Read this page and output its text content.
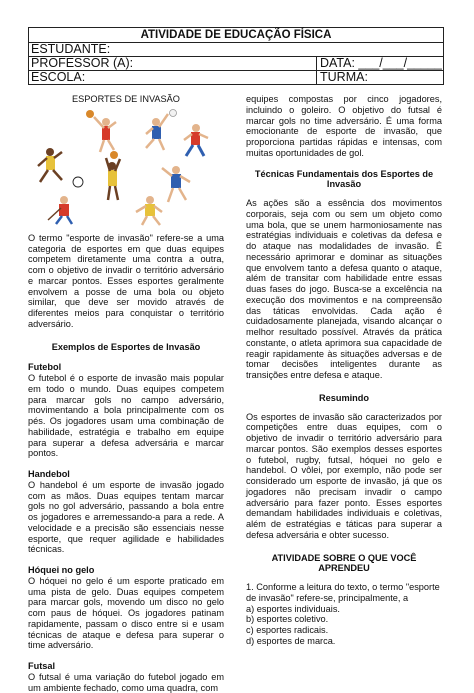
ATIVIDADE DE EDUCAÇÃO FÍSICA
ESTUDANTE:
PROFESSOR (A):	DATA: ___/___/_____
ESCOLA:	TURMA:
ESPORTES DE INVASÃO

O termo "esporte de invasão" refere-se a uma categoria de esportes em que duas equipes competem diretamente uma contra a outra, com o objetivo de invadir o território adversário e marcar pontos. Esses esportes geralmente envolvem a posse de uma bola ou objeto similar, que deve ser movido através de diferentes meios para conquistar o território adversário.

Exemplos de Esportes de Invasão
Futebol

O futebol é o esporte de invasão mais popular em todo o mundo. Duas equipes competem para marcar gols no campo adversário, movimentando a bola principalmente com os pés. Os jogadores usam uma combinação de habilidade, estratégia e trabalho em equipe para superar a defesa adversária e marcar pontos.

Handebol

O handebol é um esporte de invasão jogado com as mãos. Duas equipes tentam marcar gols no gol adversário, passando a bola entre os jogadores e arremessando-a para a rede. A velocidade e a precisão são essenciais nesse esporte, que requer agilidade e habilidades técnicas.

Hóquei no gelo

O hóquei no gelo é um esporte praticado em uma pista de gelo. Duas equipes competem para marcar gols, movendo um disco no gelo com paus de hóquei. Os jogadores patinam rapidamente, passam o disco entre si e usam técnicas de ataque e defesa para superar o time adversário.

Futsal

O futsal é uma variação do futebol jogado em um ambiente fechado, como uma quadra, com

equipes compostas por cinco jogadores, incluindo o goleiro. O objetivo do futsal é marcar gols no time adversário. É uma forma emocionante de esporte de invasão, que proporciona partidas rápidas e intensas, com muitas oportunidades de gol.

Técnicas Fundamentais dos Esportes de Invasão

As ações são a essência dos movimentos corporais, seja com ou sem um objeto como uma bola, que se unem harmoniosamente nas estratégias individuais e coletivas da defesa e do ataque nas modalidades de invasão. É necessário aprimorar e dominar as situações que envolvem tanto a defesa quanto o ataque, além de transitar com habilidade entre essas duas fases do jogo. Busca-se a excelência na execução dos movimentos e na compreensão das táticas envolvidas. Cada ação é cuidadosamente planejada, visando alcançar o melhor resultado possível. Através da prática constante, o atleta aprimora sua capacidade de reagir rapidamente às situações adversas e de tomar decisões inteligentes durante as transições entre defesa e ataque.

Resumindo

Os esportes de invasão são caracterizados por competições entre duas equipes, com o objetivo de invadir o território adversário para marcar pontos. São exemplos desses esportes o futebol, rugby, futsal, hóquei no gelo e handebol. O vôlei, por exemplo, não pode ser considerado um esporte de invasão, já que os jogadores não precisam invadir o campo adversário para fazer ponto. Esses esportes demandam habilidades individuais e coletivas, além de estratégias e táticas para superar a defesa adversária e obter sucesso.

ATIVIDADE SOBRE O QUE VOCÊ APRENDEU

1. Conforme a leitura do texto, o termo "esporte de invasão" refere-se, principalmente, a

a) esportes individuais.
b) esportes coletivo.
c) esportes radicais.
d) esportes de marca.
